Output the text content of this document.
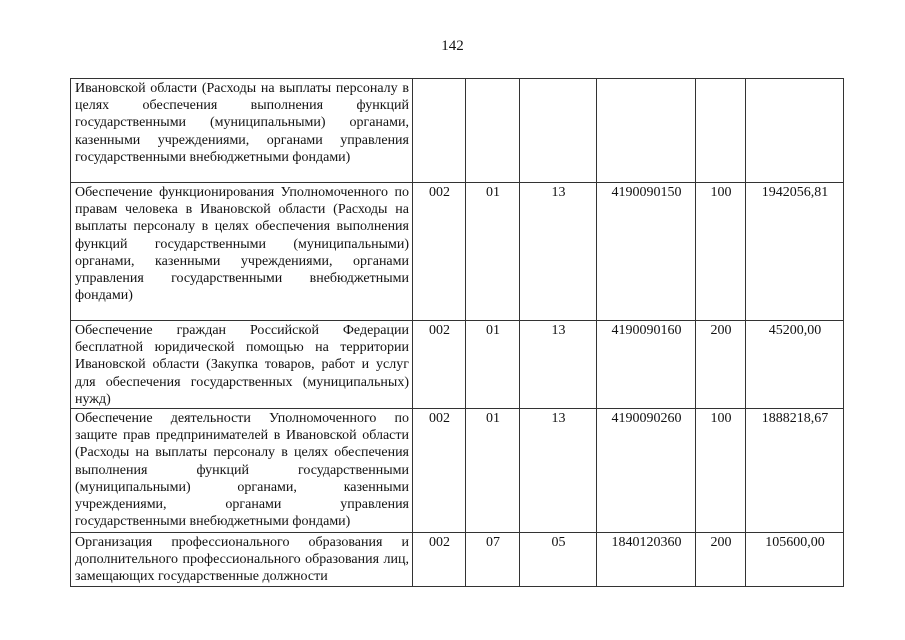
142
Ивановской области (Расходы на выплаты персоналу в целях обеспечения выполнения функций государственными (муниципальными) органами, казенными учреждениями, органами управления государственными внебюджетными фондами)						
Обеспечение функционирования Уполномоченного по правам человека в Ивановской области (Расходы на выплаты персоналу в целях обеспечения выполнения функций государственными (муниципальными) органами, казенными учреждениями, органами управления государственными внебюджетными фондами)	002	01	13	4190090150	100	1942056,81
Обеспечение граждан Российской Федерации бесплатной юридической помощью на территории Ивановской области (Закупка товаров, работ и услуг для обеспечения государственных (муниципальных) нужд)	002	01	13	4190090160	200	45200,00
Обеспечение деятельности Уполномоченного по защите прав предпринимателей в Ивановской области (Расходы на выплаты персоналу в целях обеспечения выполнения функций государственными (муниципальными) органами, казенными учреждениями, органами управления государственными внебюджетными фондами)	002	01	13	4190090260	100	1888218,67
Организация профессионального образования и дополнительного профессионального образования лиц, замещающих государственные должности	002	07	05	1840120360	200	105600,00
